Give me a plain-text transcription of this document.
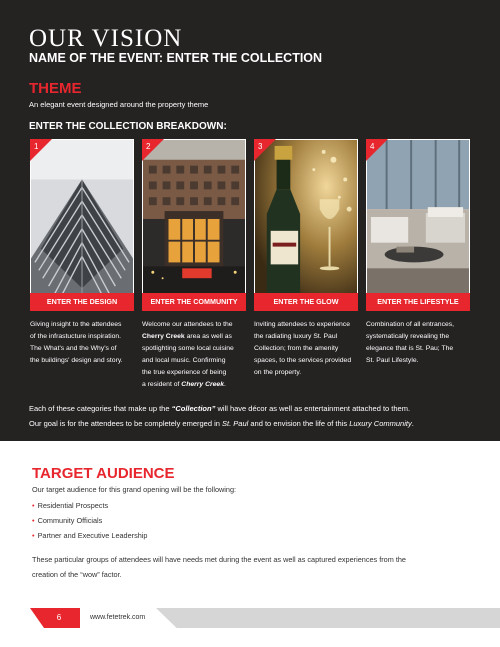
OUR VISION
NAME OF THE EVENT: ENTER THE COLLECTION
THEME
An elegant event designed around the property theme
ENTER THE COLLECTION BREAKDOWN:
1
ENTER THE DESIGN
2
ENTER THE COMMUNITY
3
ENTER THE GLOW
4
ENTER THE LIFESTYLE
Giving insight to the attendees
of the infrastucture inspiration.
The What's and the Why's of
the buildings' design and story.
Welcome our attendees to the
Cherry Creek area as well as
spotlighting some local cuisine
and local music. Confirming
the true experience of being
a resident of Cherry Creek.
Inviting attendees to experience
the radiating luxury St. Paul
Collection; from the amenity
spaces, to the services provided
on the property.
Combination of all entrances,
systematically revealing the
elegance that is St. Pau; The
St. Paul Lifestyle.
Each of these categories that make up the “Collection” will have décor as well as entertainment attached to them.
Our goal is for the attendees to be completely emerged in St. Paul and to envision the life of this Luxury Community.
TARGET AUDIENCE
Our target audience for this grand opening will be the following:
• Residential Prospects
• Community Officials
• Partner and Executive Leadership
These particular groups of attendees will have needs met during the event as well as captured experiences from the
creation of the “wow” factor.
6	www.fetetrek.com
